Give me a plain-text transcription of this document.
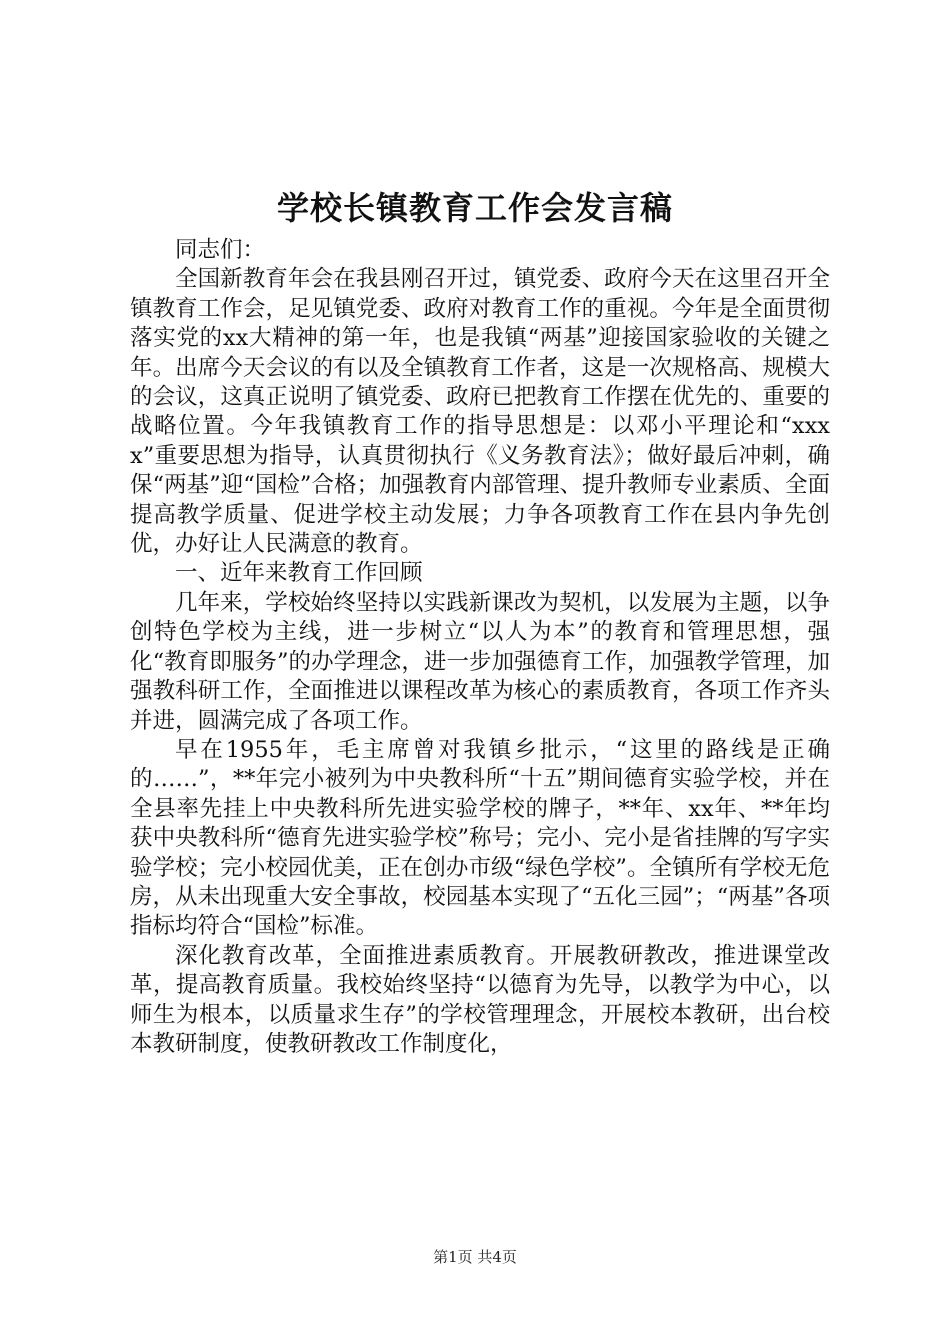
学校长镇教育工作会发言稿

同志们：

全国新教育年会在我县刚召开过，镇党委、政府今天在这里召开全镇教育工作会，足见镇党委、政府对教育工作的重视。今年是全面贯彻落实党的xx大精神的第一年，也是我镇“两基”迎接国家验收的关键之年。出席今天会议的有以及全镇教育工作者，这是一次规格高、规模大的会议，这真正说明了镇党委、政府已把教育工作摆在优先的、重要的战略位置。今年我镇教育工作的指导思想是：以邓小平理论和“xxxx”重要思想为指导，认真贯彻执行《义务教育法》；做好最后冲刺，确保“两基”迎“国检”合格；加强教育内部管理、提升教师专业素质、全面提高教学质量、促进学校主动发展；力争各项教育工作在县内争先创优，办好让人民满意的教育。

一、近年来教育工作回顾

几年来，学校始终坚持以实践新课改为契机，以发展为主题，以争创特色学校为主线，进一步树立“以人为本”的教育和管理思想，强化“教育即服务”的办学理念，进一步加强德育工作，加强教学管理，加强教科研工作，全面推进以课程改革为核心的素质教育，各项工作齐头并进，圆满完成了各项工作。

早在1955年，毛主席曾对我镇乡批示，“这里的路线是正确的……”，**年完小被列为中央教科所“十五”期间德育实验学校，并在全县率先挂上中央教科所先进实验学校的牌子，**年、xx年、**年均获中央教科所“德育先进实验学校”称号；完小、完小是省挂牌的写字实验学校；完小校园优美，正在创办市级“绿色学校”。全镇所有学校无危房，从未出现重大安全事故，校园基本实现了“五化三园”；“两基”各项指标均符合“国检”标准。

深化教育改革，全面推进素质教育。开展教研教改，推进课堂改革，提高教育质量。我校始终坚持“以德育为先导，以教学为中心，以师生为根本，以质量求生存”的学校管理理念，开展校本教研，出台校本教研制度，使教研教改工作制度化，

第1页 共4页
